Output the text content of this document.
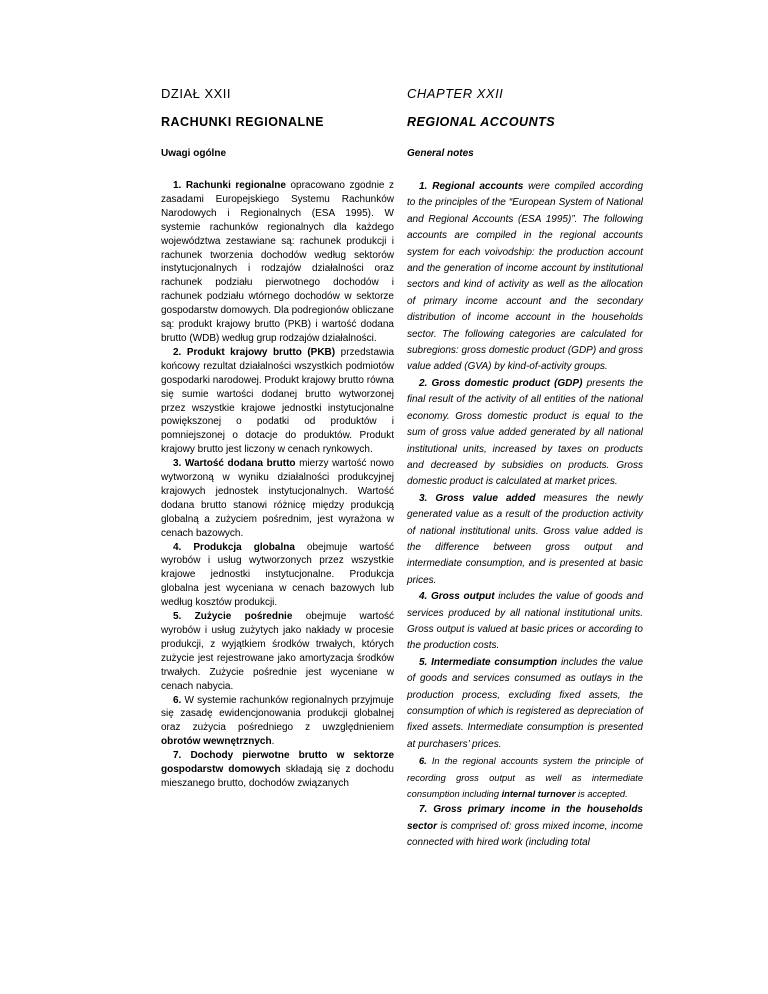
DZIAŁ XXII
RACHUNKI REGIONALNE
Uwagi ogólne

1. Rachunki regionalne opracowano zgodnie z zasadami Europejskiego Systemu Rachunków Narodowych i Regionalnych (ESA 1995). W systemie rachunków regionalnych dla każdego województwa zestawiane są: rachunek produkcji i rachunek tworzenia dochodów według sektorów instytucjonalnych i rodzajów działalności oraz rachunek podziału pierwotnego dochodów i rachunek podziału wtórnego dochodów w sektorze gospodarstw domowych. Dla podregionów obliczane są: produkt krajowy brutto (PKB) i wartość dodana brutto (WDB) według grup rodzajów działalności.

2. Produkt krajowy brutto (PKB) przedstawia końcowy rezultat działalności wszystkich podmiotów gospodarki narodowej. Produkt krajowy brutto równa się sumie wartości dodanej brutto wytworzonej przez wszystkie krajowe jednostki instytucjonalne powiększonej o podatki od produktów i pomniejszonej o dotacje do produktów. Produkt krajowy brutto jest liczony w cenach rynkowych.

3. Wartość dodana brutto mierzy wartość nowo wytworzoną w wyniku działalności produkcyjnej krajowych jednostek instytucjonalnych. Wartość dodana brutto stanowi różnicę między produkcją globalną a zużyciem pośrednim, jest wyrażona w cenach bazowych.

4. Produkcja globalna obejmuje wartość wyrobów i usług wytworzonych przez wszystkie krajowe jednostki instytucjonalne. Produkcja globalna jest wyceniana w cenach bazowych lub według kosztów produkcji.

5. Zużycie pośrednie obejmuje wartość wyrobów i usług zużytych jako nakłady w procesie produkcji, z wyjątkiem środków trwałych, których zużycie jest rejestrowane jako amortyzacja środków trwałych. Zużycie pośrednie jest wyceniane w cenach nabycia.

6. W systemie rachunków regionalnych przyjmuje się zasadę ewidencjonowania produkcji globalnej oraz zużycia pośredniego z uwzględnieniem obrotów wewnętrznych.

7. Dochody pierwotne brutto w sektorze gospodarstw domowych składają się z dochodu mieszanego brutto, dochodów związanych

CHAPTER XXII
REGIONAL ACCOUNTS
General notes

1. Regional accounts were compiled according to the principles of the “European System of National and Regional Accounts (ESA 1995)”. The following accounts are compiled in the regional accounts system for each voivodship: the production account and the generation of income account by institutional sectors and kind of activity as well as the allocation of primary income account and the secondary distribution of income account in the households sector. The following categories are calculated for subregions: gross domestic product (GDP) and gross value added (GVA) by kind-of-activity groups.

2. Gross domestic product (GDP) presents the final result of the activity of all entities of the national economy. Gross domestic product is equal to the sum of gross value added generated by all national institutional units, increased by taxes on products and decreased by subsidies on products. Gross domestic product is calculated at market prices.

3. Gross value added measures the newly generated value as a result of the production activity of national institutional units. Gross value added is the difference between gross output and intermediate consumption, and is presented at basic prices.

4. Gross output includes the value of goods and services produced by all national institutional units. Gross output is valued at basic prices or according to the production costs.

5. Intermediate consumption includes the value of goods and services consumed as outlays in the production process, excluding fixed assets, the consumption of which is registered as depreciation of fixed assets. Intermediate consumption is presented at purchasers’ prices.

6. In the regional accounts system the principle of recording gross output as well as intermediate consumption including internal turnover is accepted.

7. Gross primary income in the households sector is comprised of: gross mixed income, income connected with hired work (including total
